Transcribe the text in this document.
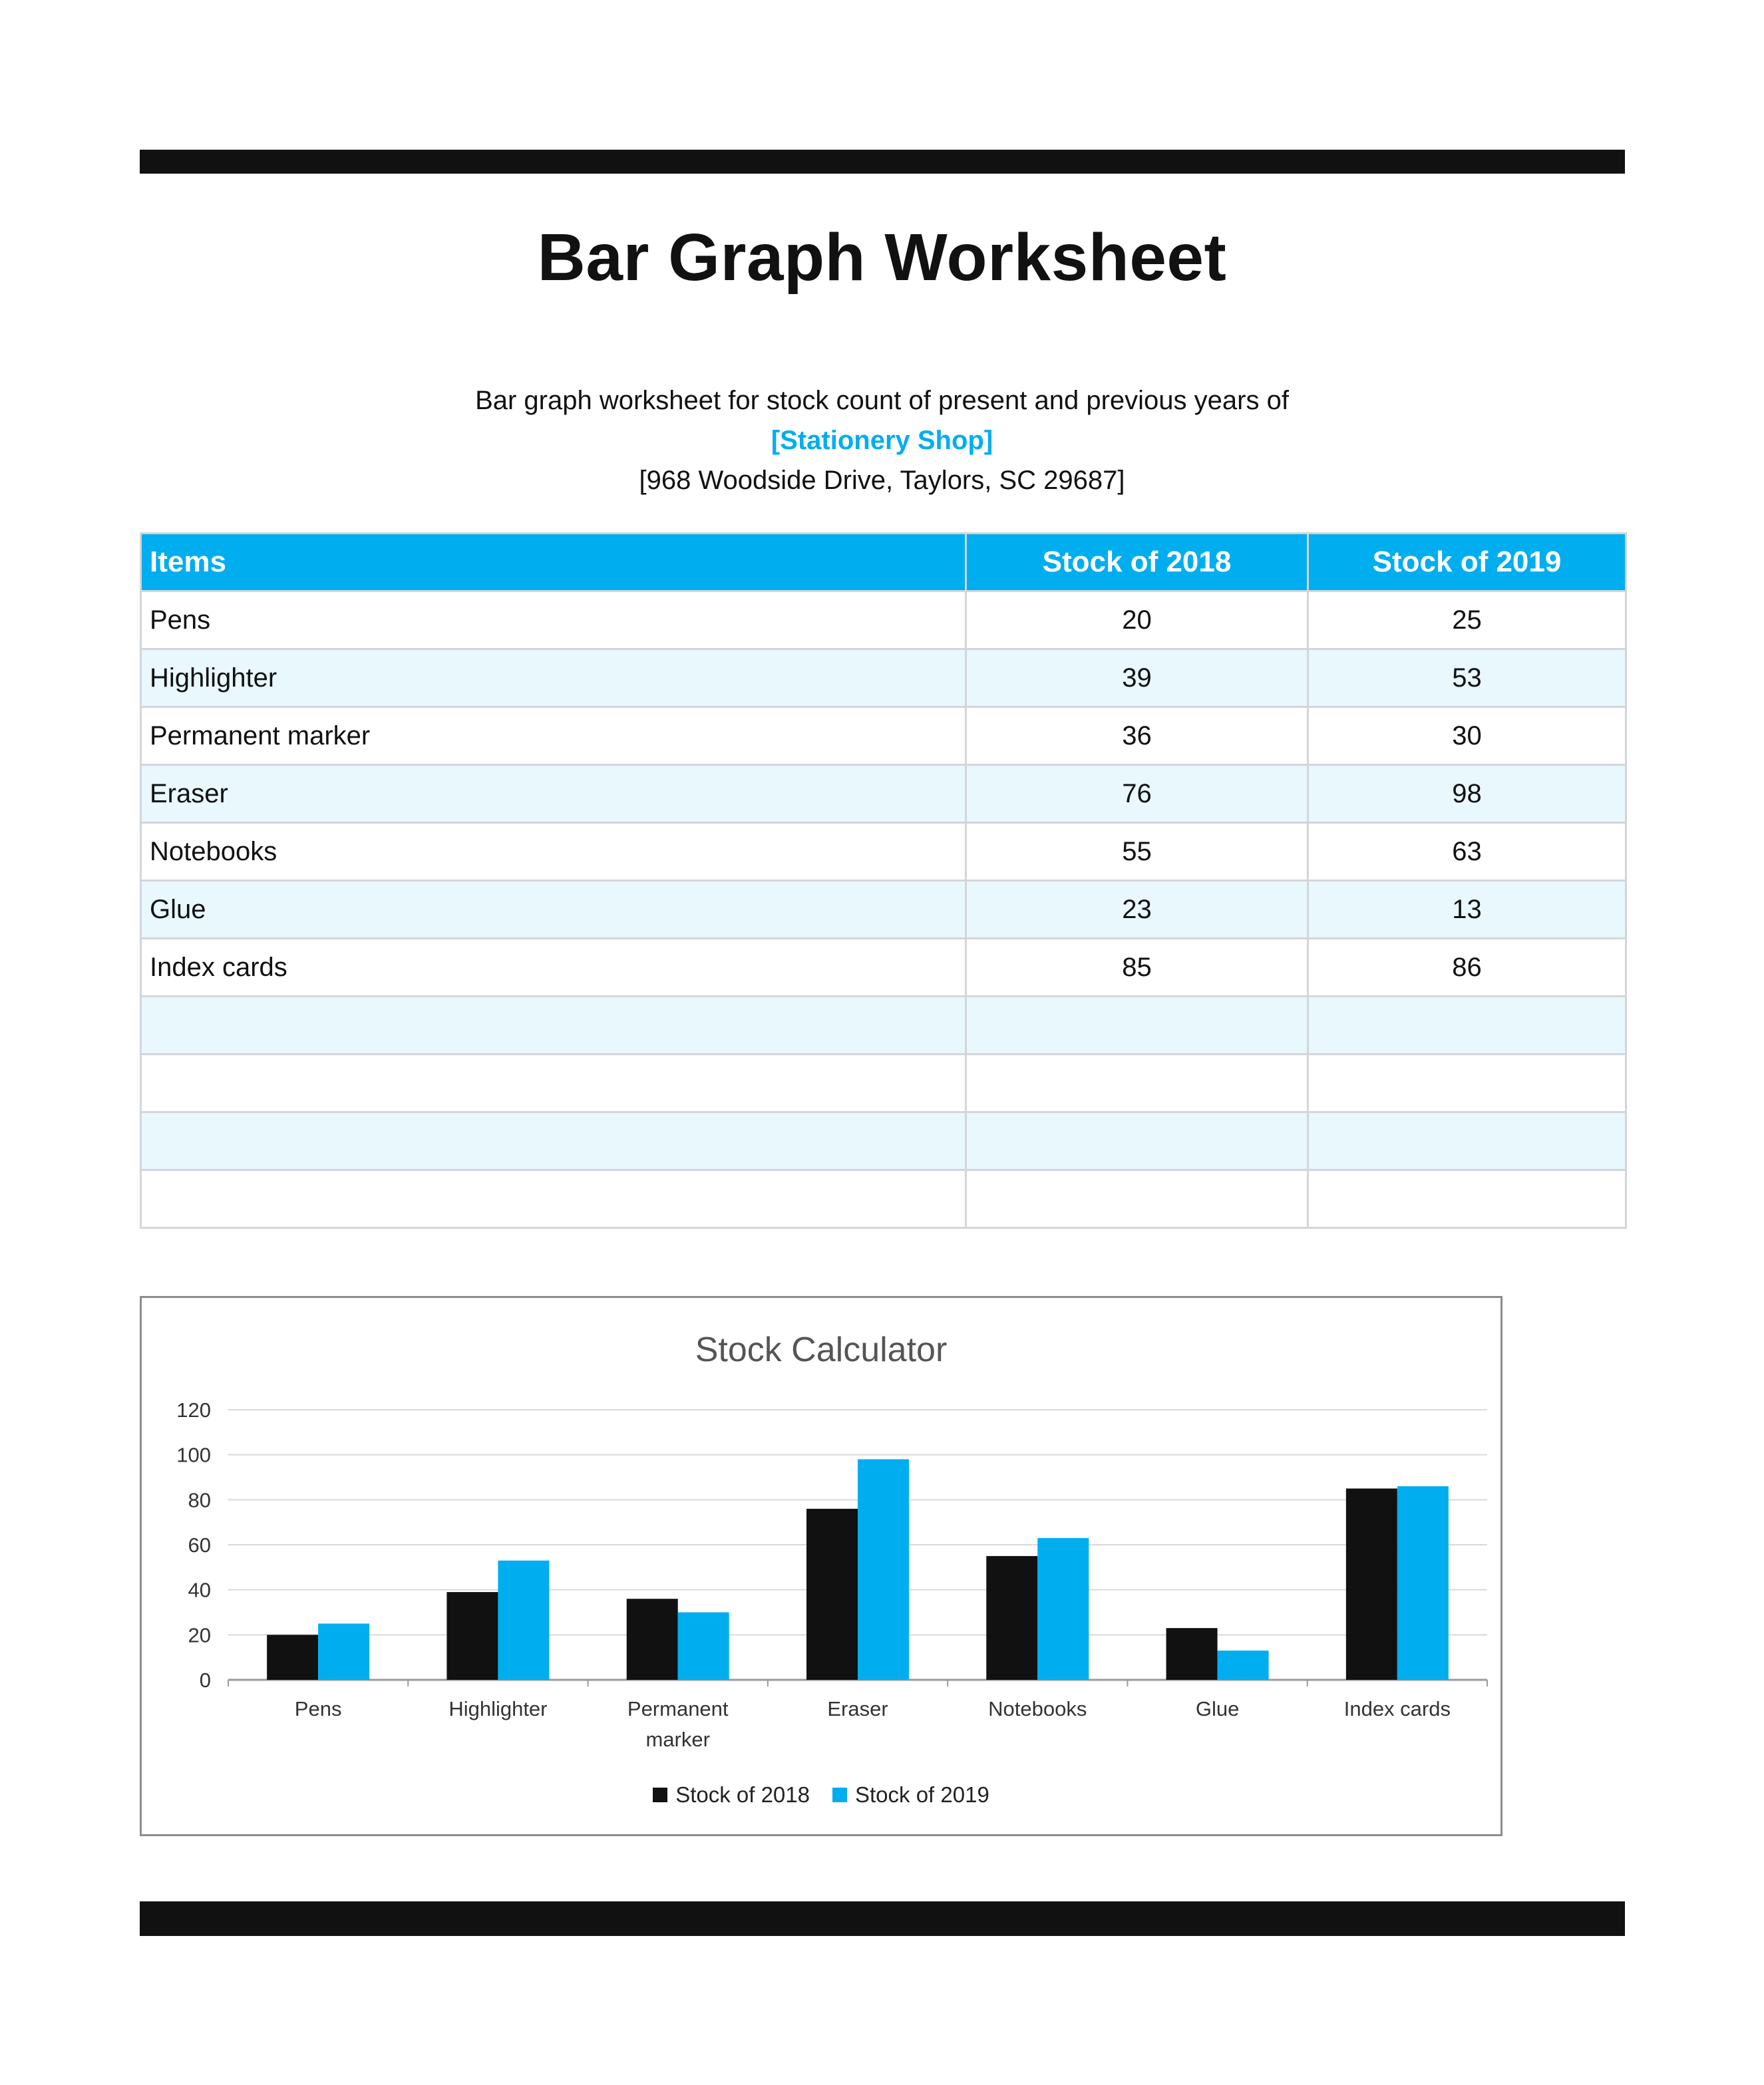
Bar Graph Worksheet
Bar graph worksheet for stock count of present and previous years of
[Stationery Shop]
[968 Woodside Drive, Taylors, SC 29687]
Items	Stock of 2018	Stock of 2019
Pens	20	25
Highlighter	39	53
Permanent marker	36	30
Eraser	76	98
Notebooks	55	63
Glue	23	13
Index cards	85	86

Stock Calculator
0
20
40
60
80
100
120
Pens	Highlighter	Permanent
marker
Eraser	Notebooks	Glue	Index cards
Stock of 2018 Stock of 2019
